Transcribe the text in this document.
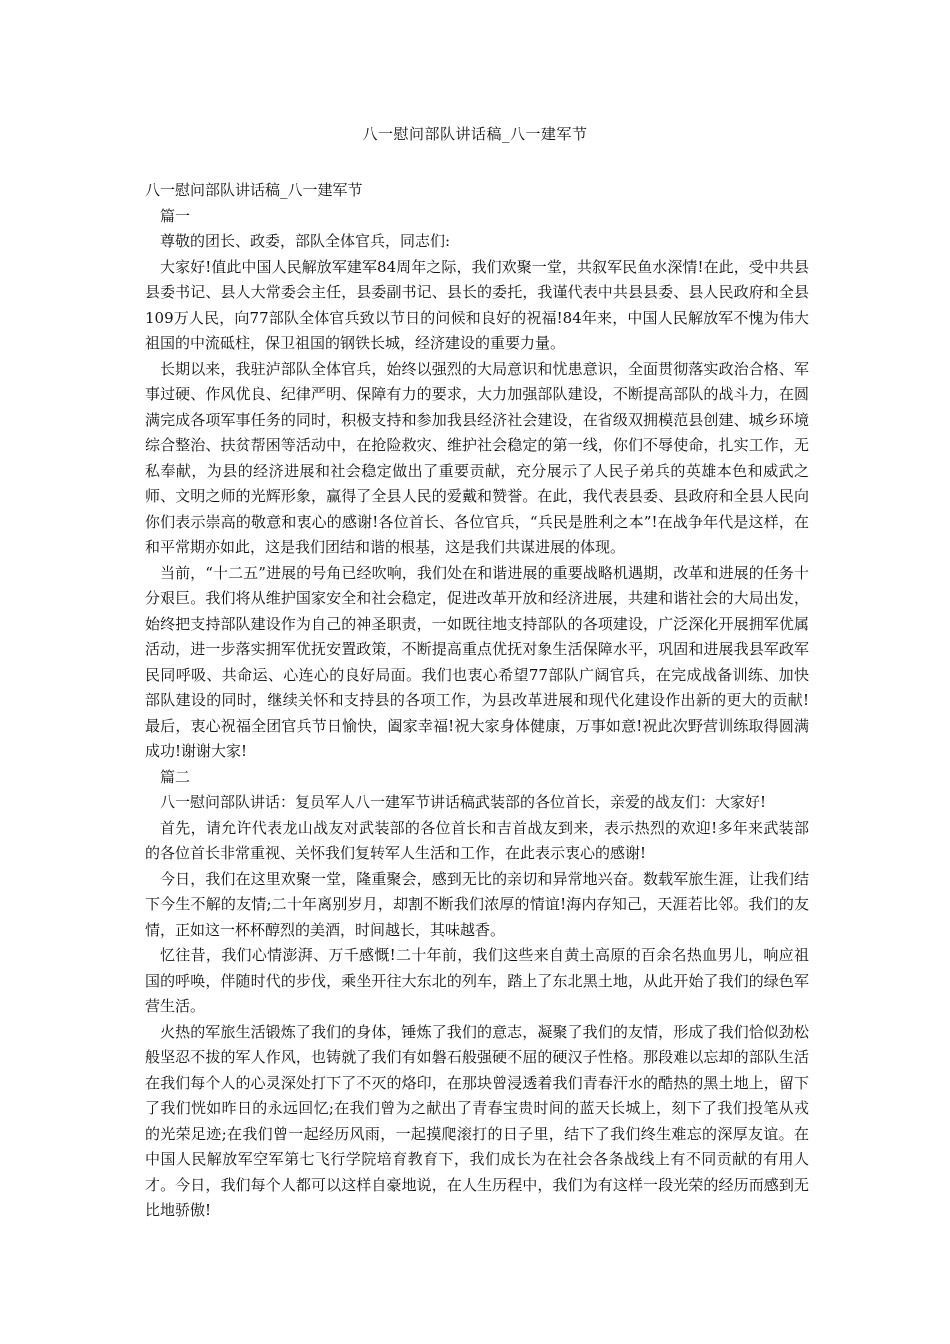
八一慰问部队讲话稿_八一建军节

八一慰问部队讲话稿_八一建军节

篇一

尊敬的团长、政委，部队全体官兵，同志们:

大家好!值此中国人民解放军建军84周年之际，我们欢聚一堂，共叙军民鱼水深情!在此，受中共县县委书记、县人大常委会主任，县委副书记、县长的委托，我谨代表中共县县委、县人民政府和全县109万人民，向77部队全体官兵致以节日的问候和良好的祝福!84年来，中国人民解放军不愧为伟大祖国的中流砥柱，保卫祖国的钢铁长城，经济建设的重要力量。

长期以来，我驻泸部队全体官兵，始终以强烈的大局意识和忧患意识，全面贯彻落实政治合格、军事过硬、作风优良、纪律严明、保障有力的要求，大力加强部队建设，不断提高部队的战斗力，在圆满完成各项军事任务的同时，积极支持和参加我县经济社会建设，在省级双拥模范县创建、城乡环境综合整治、扶贫帮困等活动中，在抢险救灾、维护社会稳定的第一线，你们不辱使命，扎实工作，无私奉献，为县的经济进展和社会稳定做出了重要贡献，充分展示了人民子弟兵的英雄本色和威武之师、文明之师的光辉形象，赢得了全县人民的爱戴和赞誉。在此，我代表县委、县政府和全县人民向你们表示崇高的敬意和衷心的感谢!各位首长、各位官兵，“兵民是胜利之本”!在战争年代是这样，在和平常期亦如此，这是我们团结和谐的根基，这是我们共谋进展的体现。

当前，“十二五”进展的号角已经吹响，我们处在和谐进展的重要战略机遇期，改革和进展的任务十分艰巨。我们将从维护国家安全和社会稳定，促进改革开放和经济进展，共建和谐社会的大局出发，始终把支持部队建设作为自己的神圣职责，一如既往地支持部队的各项建设，广泛深化开展拥军优属活动，进一步落实拥军优抚安置政策，不断提高重点优抚对象生活保障水平，巩固和进展我县军政军民同呼吸、共命运、心连心的良好局面。我们也衷心希望77部队广阔官兵，在完成战备训练、加快部队建设的同时，继续关怀和支持县的各项工作，为县改革进展和现代化建设作出新的更大的贡献!最后，衷心祝福全团官兵节日愉快，阖家幸福!祝大家身体健康，万事如意!祝此次野营训练取得圆满成功!谢谢大家!

篇二

八一慰问部队讲话：复员军人八一建军节讲话稿武装部的各位首长，亲爱的战友们：大家好!

首先，请允许代表龙山战友对武装部的各位首长和吉首战友到来，表示热烈的欢迎!多年来武装部的各位首长非常重视、关怀我们复转军人生活和工作，在此表示衷心的感谢!

今日，我们在这里欢聚一堂，隆重聚会，感到无比的亲切和异常地兴奋。数载军旅生涯，让我们结下今生不解的友情;二十年离别岁月，却割不断我们浓厚的情谊!海内存知己，天涯若比邻。我们的友情，正如这一杯杯醇烈的美酒，时间越长，其味越香。

忆往昔，我们心情澎湃、万千感慨!二十年前，我们这些来自黄土高原的百余名热血男儿，响应祖国的呼唤，伴随时代的步伐，乘坐开往大东北的列车，踏上了东北黑土地，从此开始了我们的绿色军营生活。

火热的军旅生活锻炼了我们的身体，锤炼了我们的意志，凝聚了我们的友情，形成了我们恰似劲松般坚忍不拔的军人作风，也铸就了我们有如磐石般强硬不屈的硬汉子性格。那段难以忘却的部队生活在我们每个人的心灵深处打下了不灭的烙印，在那块曾浸透着我们青春汗水的酷热的黑土地上，留下了我们恍如昨日的永远回忆;在我们曾为之献出了青春宝贵时间的蓝天长城上，刻下了我们投笔从戎的光荣足迹;在我们曾一起经历风雨，一起摸爬滚打的日子里，结下了我们终生难忘的深厚友谊。在中国人民解放军空军第七飞行学院培育教育下，我们成长为在社会各条战线上有不同贡献的有用人才。今日，我们每个人都可以这样自豪地说，在人生历程中，我们为有这样一段光荣的经历而感到无比地骄傲!
